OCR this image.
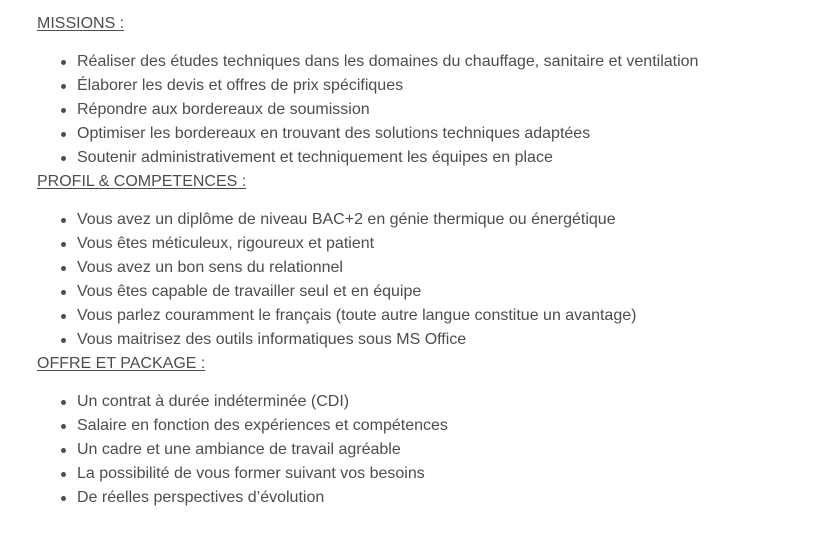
MISSIONS :
Réaliser des études techniques dans les domaines du chauffage, sanitaire et ventilation
Élaborer les devis et offres de prix spécifiques
Répondre aux bordereaux de soumission
Optimiser les bordereaux en trouvant des solutions techniques adaptées
Soutenir administrativement et techniquement les équipes en place
PROFIL & COMPETENCES :
Vous avez un diplôme de niveau BAC+2 en génie thermique ou énergétique
Vous êtes méticuleux, rigoureux et patient
Vous avez un bon sens du relationnel
Vous êtes capable de travailler seul et en équipe
Vous parlez couramment le français (toute autre langue constitue un avantage)
Vous maitrisez des outils informatiques sous MS Office
OFFRE ET PACKAGE :
Un contrat à durée indéterminée (CDI)
Salaire en fonction des expériences et compétences
Un cadre et une ambiance de travail agréable
La possibilité de vous former suivant vos besoins
De réelles perspectives d’évolution
